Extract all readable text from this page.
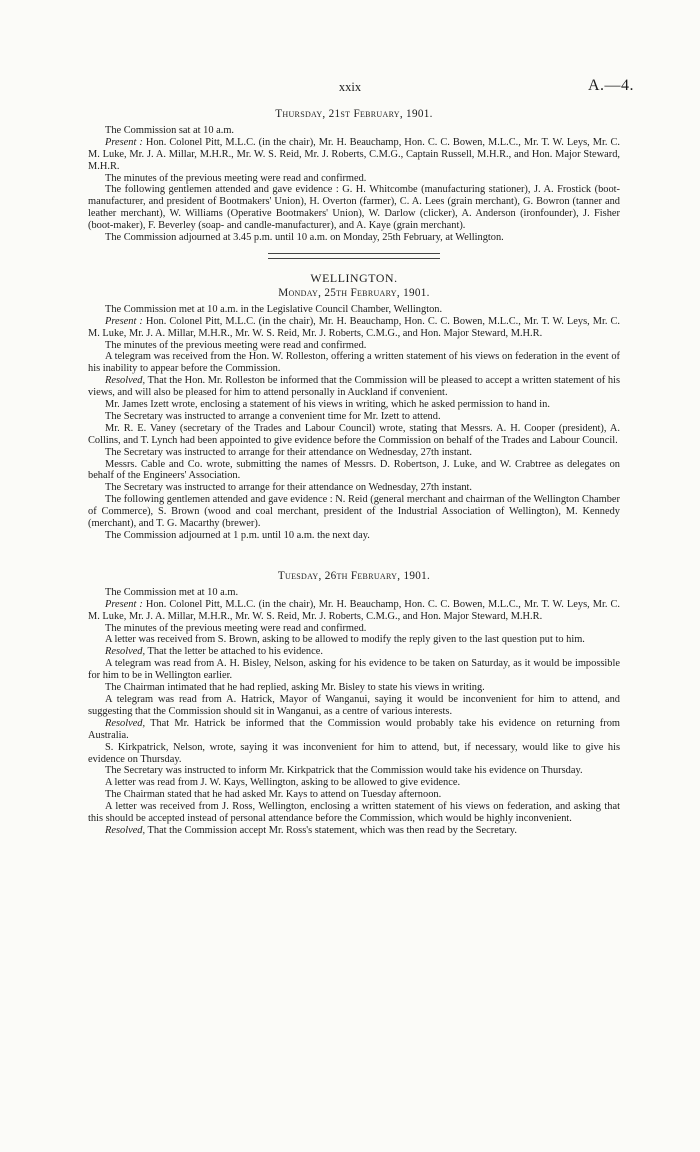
xxix	A.—4.
Thursday, 21st February, 1901.

The Commission sat at 10 a.m.

Present : Hon. Colonel Pitt, M.L.C. (in the chair), Mr. H. Beauchamp, Hon. C. C. Bowen, M.L.C., Mr. T. W. Leys, Mr. C. M. Luke, Mr. J. A. Millar, M.H.R., Mr. W. S. Reid, Mr. J. Roberts, C.M.G., Captain Russell, M.H.R., and Hon. Major Steward, M.H.R.

The minutes of the previous meeting were read and confirmed.

The following gentlemen attended and gave evidence : G. H. Whitcombe (manufacturing stationer), J. A. Frostick (boot-manufacturer, and president of Bootmakers' Union), H. Overton (farmer), C. A. Lees (grain merchant), G. Bowron (tanner and leather merchant), W. Williams (Operative Bootmakers' Union), W. Darlow (clicker), A. Anderson (ironfounder), J. Fisher (boot-maker), F. Beverley (soap- and candle-manufacturer), and A. Kaye (grain merchant).

The Commission adjourned at 3.45 p.m. until 10 a.m. on Monday, 25th February, at Wellington.

WELLINGTON.
Monday, 25th February, 1901.

The Commission met at 10 a.m. in the Legislative Council Chamber, Wellington.

Present : Hon. Colonel Pitt, M.L.C. (in the chair), Mr. H. Beauchamp, Hon. C. C. Bowen, M.L.C., Mr. T. W. Leys, Mr. C. M. Luke, Mr. J. A. Millar, M.H.R., Mr. W. S. Reid, Mr. J. Roberts, C.M.G., and Hon. Major Steward, M.H.R.

The minutes of the previous meeting were read and confirmed.

A telegram was received from the Hon. W. Rolleston, offering a written statement of his views on federation in the event of his inability to appear before the Commission.

Resolved, That the Hon. Mr. Rolleston be informed that the Commission will be pleased to accept a written statement of his views, and will also be pleased for him to attend personally in Auckland if convenient.

Mr. James Izett wrote, enclosing a statement of his views in writing, which he asked permission to hand in.

The Secretary was instructed to arrange a convenient time for Mr. Izett to attend.

Mr. R. E. Vaney (secretary of the Trades and Labour Council) wrote, stating that Messrs. A. H. Cooper (president), A. Collins, and T. Lynch had been appointed to give evidence before the Commission on behalf of the Trades and Labour Council.

The Secretary was instructed to arrange for their attendance on Wednesday, 27th instant.

Messrs. Cable and Co. wrote, submitting the names of Messrs. D. Robertson, J. Luke, and W. Crabtree as delegates on behalf of the Engineers' Association.

The Secretary was instructed to arrange for their attendance on Wednesday, 27th instant.

The following gentlemen attended and gave evidence : N. Reid (general merchant and chairman of the Wellington Chamber of Commerce), S. Brown (wood and coal merchant, president of the Industrial Association of Wellington), M. Kennedy (merchant), and T. G. Macarthy (brewer).

The Commission adjourned at 1 p.m. until 10 a.m. the next day.

Tuesday, 26th February, 1901.

The Commission met at 10 a.m.

Present : Hon. Colonel Pitt, M.L.C. (in the chair), Mr. H. Beauchamp, Hon. C. C. Bowen, M.L.C., Mr. T. W. Leys, Mr. C. M. Luke, Mr. J. A. Millar, M.H.R., Mr. W. S. Reid, Mr. J. Roberts, C.M.G., and Hon. Major Steward, M.H.R.

The minutes of the previous meeting were read and confirmed.

A letter was received from S. Brown, asking to be allowed to modify the reply given to the last question put to him.

Resolved, That the letter be attached to his evidence.

A telegram was read from A. H. Bisley, Nelson, asking for his evidence to be taken on Saturday, as it would be impossible for him to be in Wellington earlier.

The Chairman intimated that he had replied, asking Mr. Bisley to state his views in writing.

A telegram was read from A. Hatrick, Mayor of Wanganui, saying it would be inconvenient for him to attend, and suggesting that the Commission should sit in Wanganui, as a centre of various interests.

Resolved, That Mr. Hatrick be informed that the Commission would probably take his evidence on returning from Australia.

S. Kirkpatrick, Nelson, wrote, saying it was inconvenient for him to attend, but, if necessary, would like to give his evidence on Thursday.

The Secretary was instructed to inform Mr. Kirkpatrick that the Commission would take his evidence on Thursday.

A letter was read from J. W. Kays, Wellington, asking to be allowed to give evidence.

The Chairman stated that he had asked Mr. Kays to attend on Tuesday afternoon.

A letter was received from J. Ross, Wellington, enclosing a written statement of his views on federation, and asking that this should be accepted instead of personal attendance before the Commission, which would be highly inconvenient.

Resolved, That the Commission accept Mr. Ross's statement, which was then read by the Secretary.
